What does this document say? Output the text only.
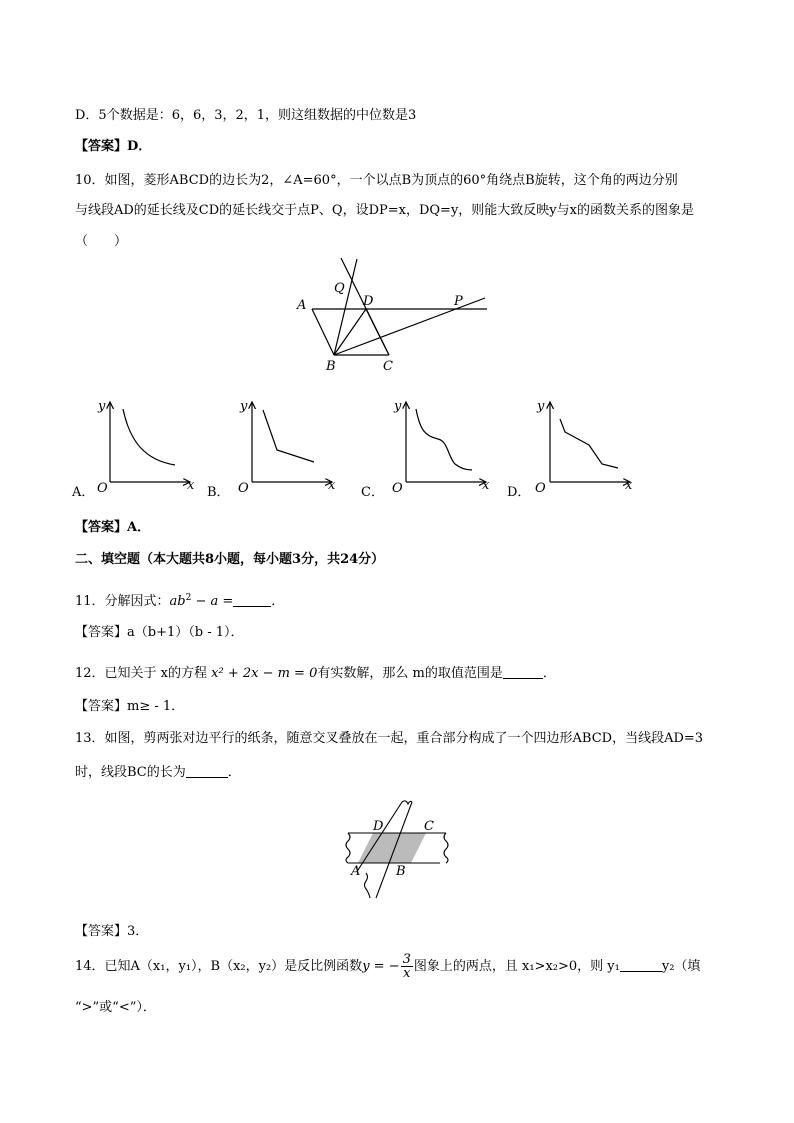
D．5个数据是：6，6，3，2，1，则这组数据的中位数是3
【答案】D．
10．如图，菱形ABCD的边长为2，∠A=60°，一个以点B为顶点的60°角绕点B旋转，这个角的两边分别
与线段AD的延长线及CD的延长线交于点P、Q，设DP=x，DQ=y，则能大致反映y与x的函数关系的图象是
（　　）
Q
D	P
A
B	C
A．
y
O	x B．
y
O	x C．
y
O	x D．
y
O	x
【答案】A．
二、填空题（本大题共8小题，每小题3分，共24分）
11．分解因式：$ab^2 - a$ =	．
【答案】a（b+1）（b - 1）．
12．已知关于 x的方程 x² + 2x − m = 0有实数解，那么 m的取值范围是	．
【答案】m≥ - 1．
13．如图，剪两张对边平行的纸条，随意交叉叠放在一起，重合部分构成了一个四边形ABCD，当线段AD=3
时，线段BC的长为	．
D	C
A	B
【答案】3．
14．已知A（x₁，y₁），B（x₂，y₂）是反比例函数y = − $\frac{3}{x}$ 图象上的两点，且 x₁>x₂>0，则 y₁	y₂（填
“>”或“<”）．
